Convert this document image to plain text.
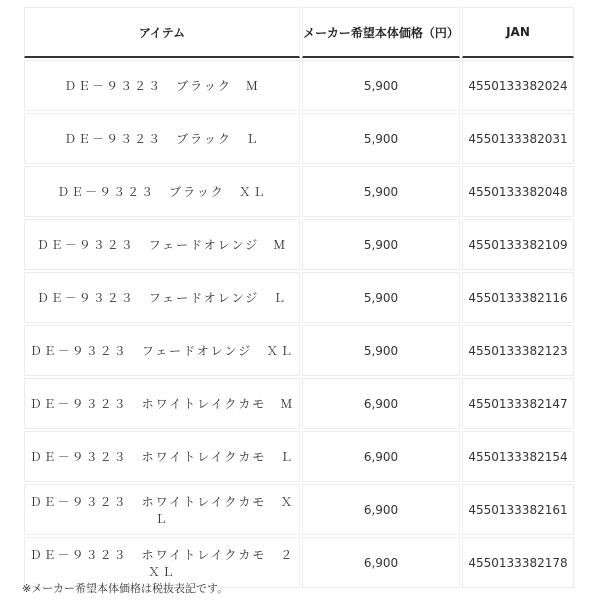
アイテム	メーカー希望本体価格（円）	JAN
ＤＥ－９３２３　ブラック　Ｍ	5,900	4550133382024
ＤＥ－９３２３　ブラック　Ｌ	5,900	4550133382031
ＤＥ－９３２３　ブラック　ＸＬ	5,900	4550133382048
ＤＥ－９３２３　フェードオレンジ　Ｍ	5,900	4550133382109
ＤＥ－９３２３　フェードオレンジ　Ｌ	5,900	4550133382116
ＤＥ－９３２３　フェードオレンジ　ＸＬ	5,900	4550133382123
ＤＥ－９３２３　ホワイトレイクカモ　Ｍ	6,900	4550133382147
ＤＥ－９３２３　ホワイトレイクカモ　Ｌ	6,900	4550133382154
ＤＥ－９３２３　ホワイトレイクカモ　ＸＬ	6,900	4550133382161
ＤＥ－９３２３　ホワイトレイクカモ　２ＸＬ	6,900	4550133382178
※メーカー希望本体価格は税抜表記です。
